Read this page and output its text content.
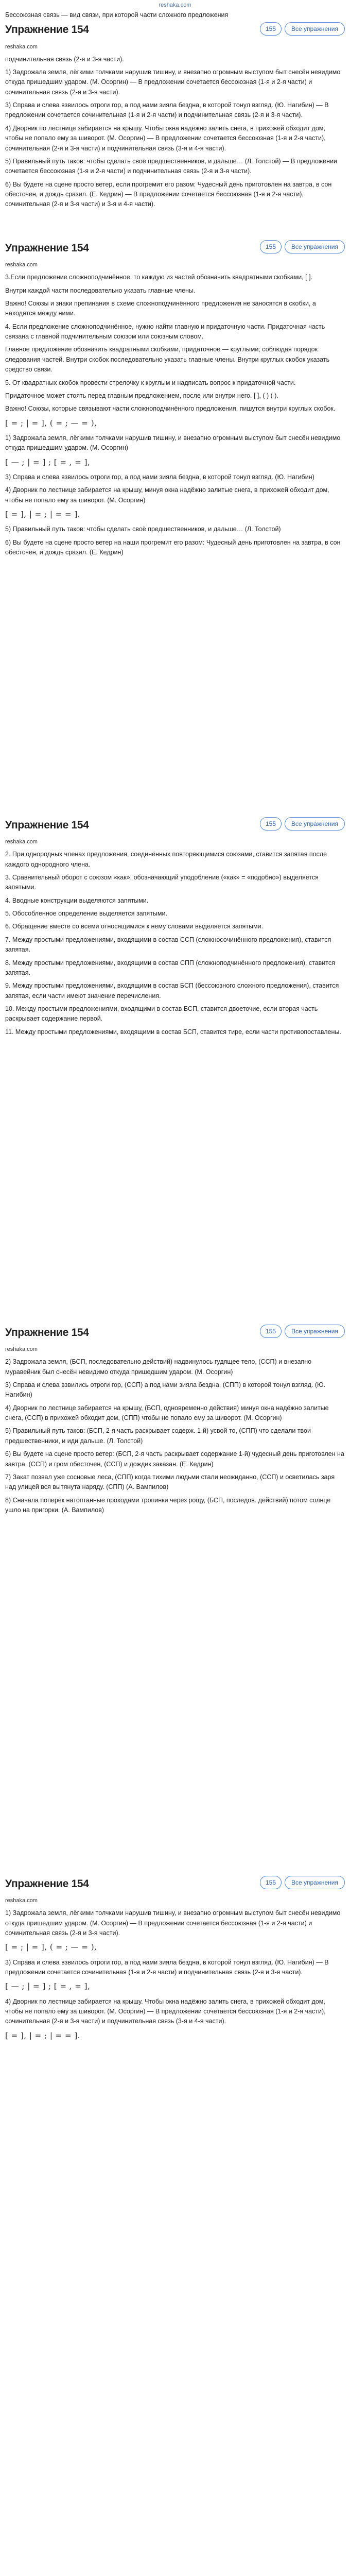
reshaka.com

Бессоюзная связь — вид связи, при которой части сложного предложения

Упражнение 154	155	Все упражнения

reshaka.com

подчинительная связь (2-я и 3-я части).

1) Задрожала земля, лёгкими толчками нарушив тишину, и внезапно огромным выступом быт снесён невидимо откуда пришедшим ударом. (М. Осоргин) — В предложении сочетается бессоюзная (1-я и 2-я части) и сочинительная связь (2-я и 3-я части).

3) Справа и слева взвилось отроги гор, а под нами зияла бездна, в которой тонул взгляд. (Ю. Нагибин) — В предложении сочетается сочинительная (1-я и 2-я части) и подчинительная связь (2-я и 3-я части).

4) Дворник по лестнице забирается на крышу. Чтобы окна надёжно залить снега, в прихожей обходит дом, чтобы не попало ему за шиворот. (М. Осоргин) — В предложении сочетается бессоюзная (1-я и 2-я части), сочинительная (2-я и 3-я части) и подчинительная связь (3-я и 4-я части).

5) Правильный путь таков: чтобы сделать своё предшественников, и дальше… (Л. Толстой) — В предложении сочетается бессоюзная (1-я и 2-я части) и подчинительная связь (2-я и 3-я части).

6) Вы будете на сцене просто ветер, если прогремит его разом: Чудесный день приготовлен на завтра, в сон обесточен, и дождь сразил. (Е. Кедрин) — В предложении сочетается бессоюзная (1-я и 2-я части), сочинительная (2-я и 3-я части) и 3-я и 4-я части).

Упражнение 154	155	Все упражнения

reshaka.com

3.Если предложение сложноподчинённое, то каждую из частей обозначить квадратными скобками, [ ].

Внутри каждой части последовательно указать главные члены.

Важно! Союзы и знаки препинания в схеме сложноподчинённого предложения не заносятся в скобки, а находятся между ними.

4. Если предложение сложноподчинённое, нужно найти главную и придаточную части. Придаточная часть связана с главной подчинительным союзом или союзным словом.

Главное предложение обозначить квадратными скобками, придаточное — круглыми; соблюдая порядок следования частей. Внутри скобок последовательно указать главные члены. Внутри круглых скобок указать средство связи.

5. От квадратных скобок провести стрелочку к круглым и надписать вопрос к придаточной части.

Придаточное может стоять перед главным предложением, после или внутри него. [ ], ( ) ( ).

Важно! Союзы, которые связывают части сложноподчинённого предложения, пишутся внутри круглых скобок.

[ = ; | = ], ( = ; — = ),

1) Задрожала земля, лёгкими толчками нарушив тишину, и внезапно огромным выступом быт снесён невидимо откуда пришедшим ударом. (М. Осоргин)

[ — ; | = ] ; [ = , = ],

3) Справа и слева взвилось отроги гор, а под нами зияла бездна, в которой тонул взгляд. (Ю. Нагибин)

4) Дворник по лестнице забирается на крышу, минуя окна надёжно залитые снега, в прихожей обходит дом, чтобы не попало ему за шиворот. (М. Осоргин)

[ = ], | = ; | = = ].

5) Правильный путь таков: чтобы сделать своё предшественников, и дальше… (Л. Толстой)

6) Вы будете на сцене просто ветер на наши прогремит его разом: Чудесный день приготовлен на завтра, в сон обесточен, и дождь сразил. (Е. Кедрин)

Упражнение 154	155	Все упражнения

reshaka.com

2. При однородных членах предложения, соединённых повторяющимися союзами, ставится запятая после каждого однородного члена.

3. Сравнительный оборот с союзом «как», обозначающий уподобление («как» = «подобно») выделяется запятыми.

4. Вводные конструкции выделяются запятыми.

5. Обособленное определение выделяется запятыми.

6. Обращение вместе со всеми относящимися к нему словами выделяется запятыми.

7. Между простыми предложениями, входящими в состав ССП (сложносочинённого предложения), ставится запятая.

8. Между простыми предложениями, входящими в состав СПП (сложноподчинённого предложения), ставится запятая.

9. Между простыми предложениями, входящими в состав БСП (бессоюзного сложного предложения), ставится запятая, если части имеют значение перечисления.

10. Между простыми предложениями, входящими в состав БСП, ставится двоеточие, если вторая часть раскрывает содержание первой.

11. Между простыми предложениями, входящими в состав БСП, ставится тире, если части противопоставлены.

Упражнение 154	155	Все упражнения

reshaka.com

2) Задрожала земля, (БСП, последовательно действий) надвинулось гудящее тело, (ССП) и внезапно муравейник был снесён невидимо откуда пришедшим ударом. (М. Осоргин)

3) Справа и слева взвились отроги гор, (ССП) а под нами зияла бездна, (СПП) в которой тонул взгляд. (Ю. Нагибин)

4) Дворник по лестнице забирается на крышу, (БСП, одновременно действия) минуя окна надёжно залитые снега, (ССП) в прихожей обходит дом, (СПП) чтобы не попало ему за шиворот. (М. Осоргин)

5) Правильный путь таков: (БСП, 2-я часть раскрывает содерж. 1-й) усвой то, (СПП) что сделали твои предшественники, и иди дальше. (Л. Толстой)

6) Вы будете на сцене просто ветер: (БСП, 2-я часть раскрывает содержание 1-й) чудесный день приготовлен на завтра, (ССП) и гром обесточен, (ССП) и дождик заказан. (Е. Кедрин)

7) Закат позвал уже сосновые леса, (СПП) когда тихими людьми стали неожиданно, (ССП) и осветилась заря над улицей вся вытянута наряду. (СПП) (А. Вампилов)

8) Сначала поперек натоптанные проходами тропинки через рощу, (БСП, последов. действий) потом солнце ушло на пригорки. (А. Вампилов)

Упражнение 154	155	Все упражнения

reshaka.com

1) Задрожала земля, лёгкими толчками нарушив тишину, и внезапно огромным выступом быт снесён невидимо откуда пришедшим ударом. (М. Осоргин) — В предложении сочетается бессоюзная (1-я и 2-я части) и сочинительная связь (2-я и 3-я части).

[ = ; | = ], ( = ; — = ),

3) Справа и слева взвилось отроги гор, а под нами зияла бездна, в которой тонул взгляд. (Ю. Нагибин) — В предложении сочетается сочинительная (1-я и 2-я части) и подчинительная связь (2-я и 3-я части).

[ — ; | = ] ; [ = , = ],

4) Дворник по лестнице забирается на крышу. Чтобы окна надёжно залить снега, в прихожей обходит дом, чтобы не попало ему за шиворот. (М. Осоргин) — В предложении сочетается бессоюзная (1-я и 2-я части), сочинительная (2-я и 3-я части) и подчинительная связь (3-я и 4-я части).

[ = ], | = ; | = = ].
